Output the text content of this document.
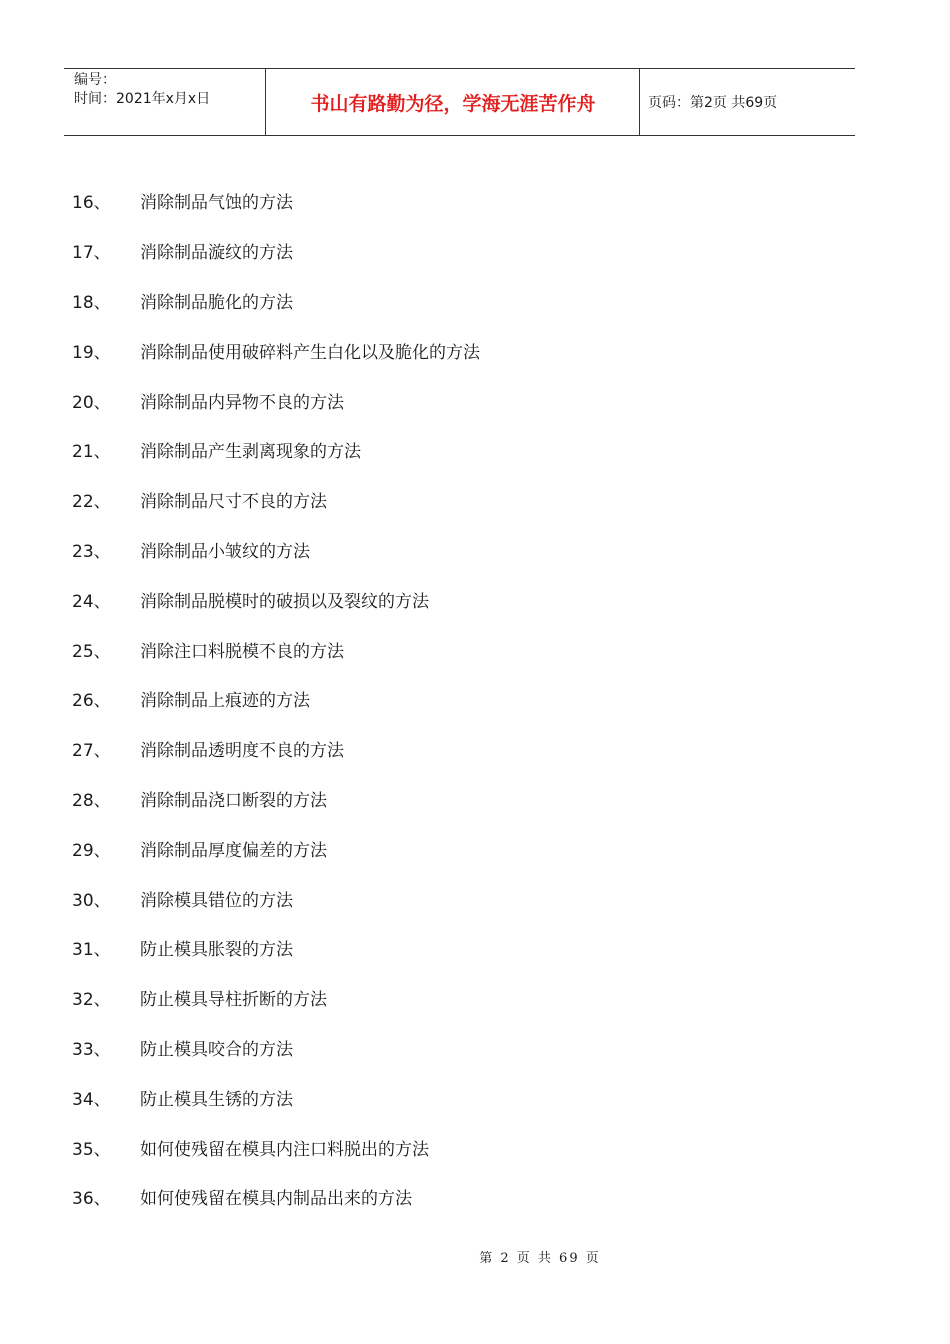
编号：
时间：2021年x月x日	书山有路勤为径，学海无涯苦作舟	页码：第2页 共69页
16、	消除制品气蚀的方法
17、	消除制品漩纹的方法
18、	消除制品脆化的方法
19、	消除制品使用破碎料产生白化以及脆化的方法
20、	消除制品内异物不良的方法
21、	消除制品产生剥离现象的方法
22、	消除制品尺寸不良的方法
23、	消除制品小皱纹的方法
24、	消除制品脱模时的破损以及裂纹的方法
25、	消除注口料脱模不良的方法
26、	消除制品上痕迹的方法
27、	消除制品透明度不良的方法
28、	消除制品浇口断裂的方法
29、	消除制品厚度偏差的方法
30、	消除模具错位的方法
31、	防止模具胀裂的方法
32、	防止模具导柱折断的方法
33、	防止模具咬合的方法
34、	防止模具生锈的方法
35、	如何使残留在模具内注口料脱出的方法
36、	如何使残留在模具内制品出来的方法
第 2 页 共 69 页
